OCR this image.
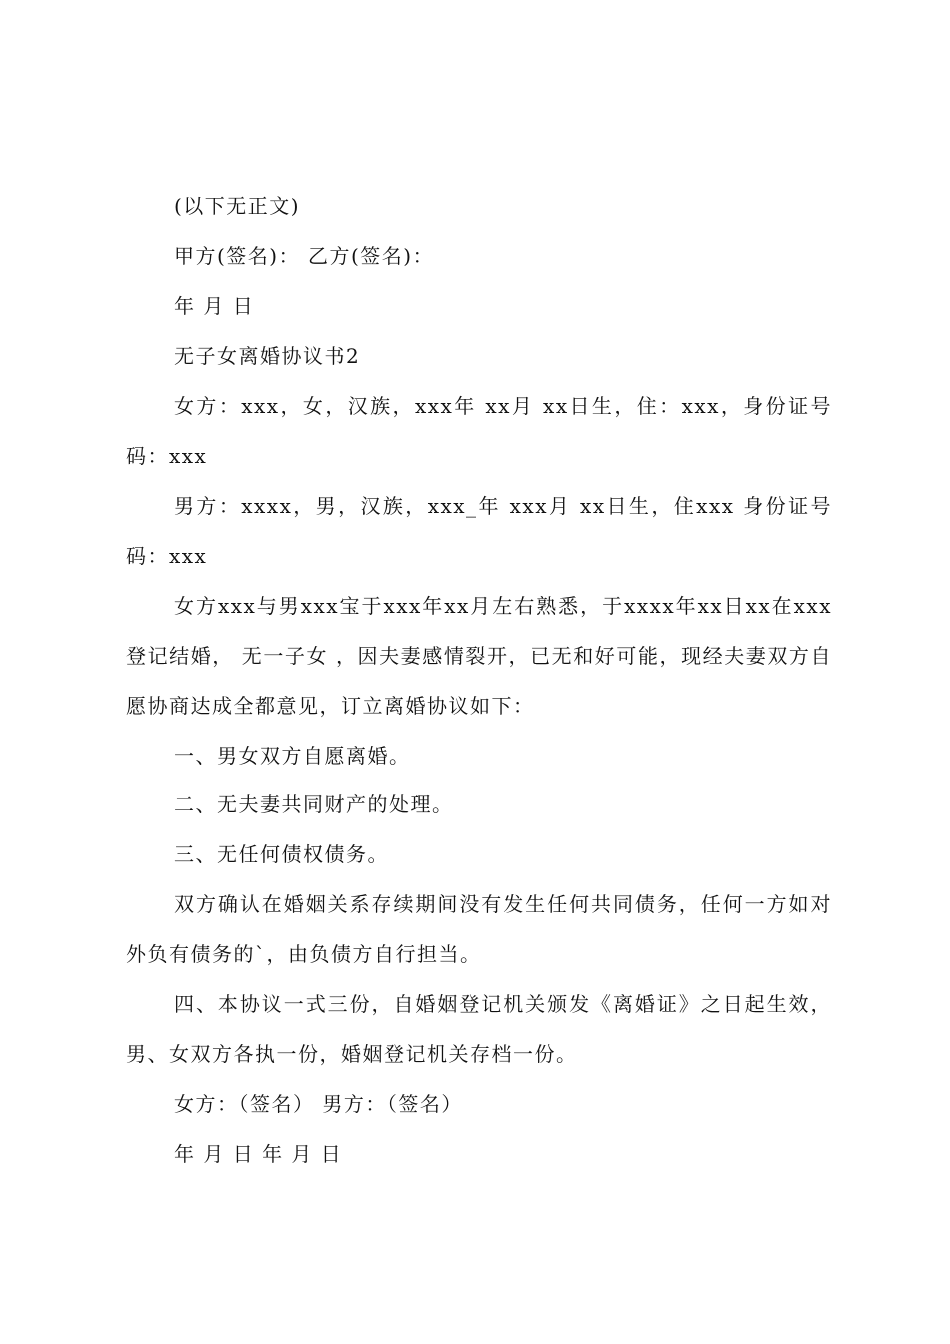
(以下无正文)
甲方(签名)： 乙方(签名)：
年 月 日
无子女离婚协议书2
女方：xxx，女，汉族，xxx年 xx月 xx日生，住：xxx，身份证号码：xxx
男方：xxxx，男，汉族，xxx_年 xxx月 xx日生，住xxx 身份证号码：xxx
女方xxx与男xxx宝于xxx年xx月左右熟悉，于xxxx年xx日xx在xxx登记结婚， 无一子女 ，因夫妻感情裂开，已无和好可能，现经夫妻双方自愿协商达成全都意见，订立离婚协议如下：
一、男女双方自愿离婚。
二、无夫妻共同财产的处理。
三、无任何债权债务。
双方确认在婚姻关系存续期间没有发生任何共同债务，任何一方如对外负有债务的`，由负债方自行担当。
四、本协议一式三份，自婚姻登记机关颁发《离婚证》之日起生效，男、女双方各执一份，婚姻登记机关存档一份。
女方：（签名） 男方：（签名）
年 月 日 年 月 日
